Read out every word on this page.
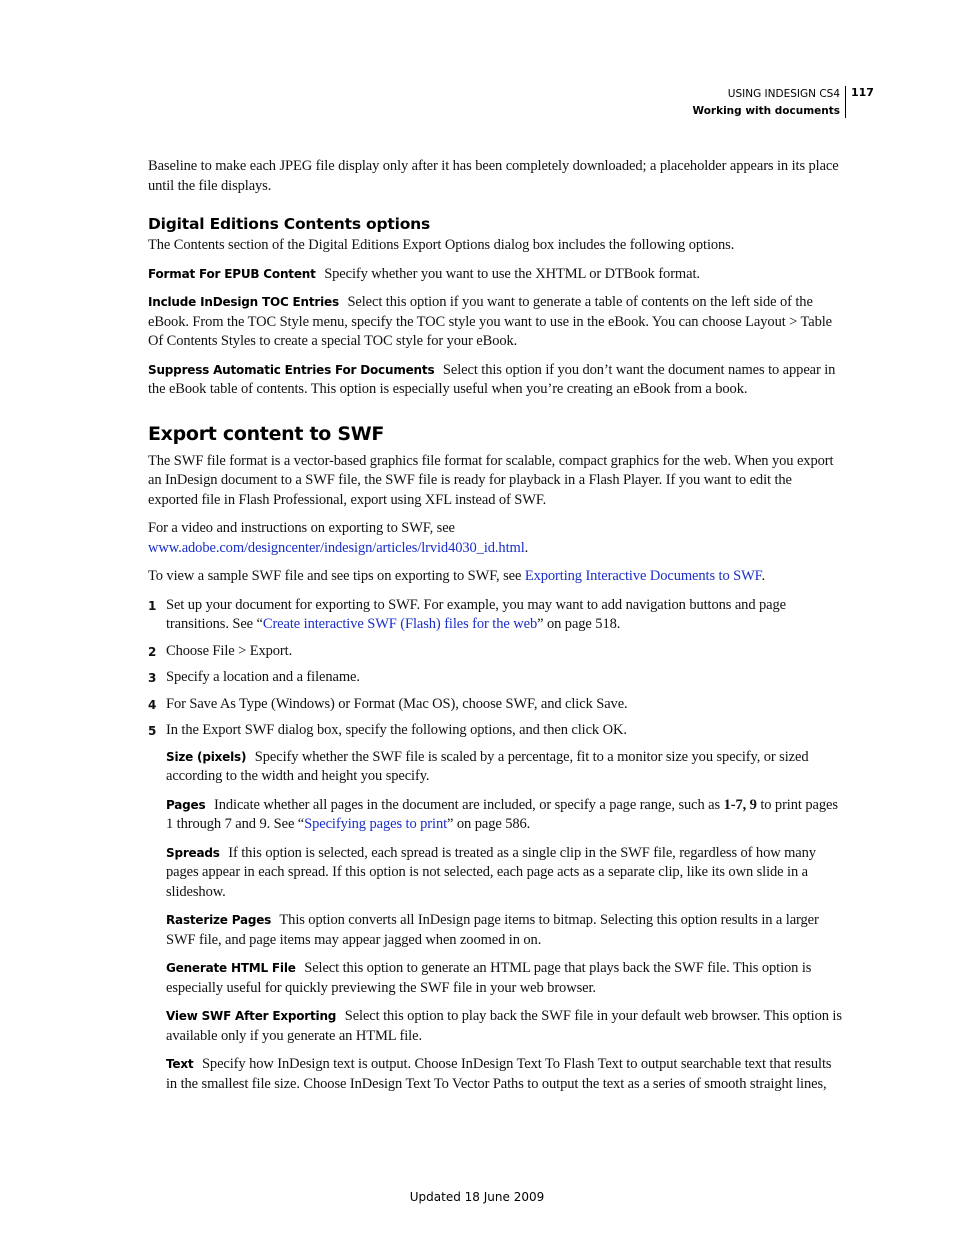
USING INDESIGN CS4
Working with documents
117

Baseline to make each JPEG file display only after it has been completely downloaded; a placeholder appears in its place until the file displays.

Digital Editions Contents options

The Contents section of the Digital Editions Export Options dialog box includes the following options.

Format For EPUB Content Specify whether you want to use the XHTML or DTBook format.

Include InDesign TOC Entries Select this option if you want to generate a table of contents on the left side of the eBook. From the TOC Style menu, specify the TOC style you want to use in the eBook. You can choose Layout > Table Of Contents Styles to create a special TOC style for your eBook.

Suppress Automatic Entries For Documents Select this option if you don’t want the document names to appear in the eBook table of contents. This option is especially useful when you’re creating an eBook from a book.

Export content to SWF

The SWF file format is a vector-based graphics file format for scalable, compact graphics for the web. When you export an InDesign document to a SWF file, the SWF file is ready for playback in a Flash Player. If you want to edit the exported file in Flash Professional, export using XFL instead of SWF.

For a video and instructions on exporting to SWF, see
www.adobe.com/designcenter/indesign/articles/lrvid4030_id.html.

To view a sample SWF file and see tips on exporting to SWF, see Exporting Interactive Documents to SWF.

1 Set up your document for exporting to SWF. For example, you may want to add navigation buttons and page transitions. See “Create interactive SWF (Flash) files for the web” on page 518.
2 Choose File > Export.
3 Specify a location and a filename.
4 For Save As Type (Windows) or Format (Mac OS), choose SWF, and click Save.
5 In the Export SWF dialog box, specify the following options, and then click OK.

Size (pixels) Specify whether the SWF file is scaled by a percentage, fit to a monitor size you specify, or sized according to the width and height you specify.

Pages Indicate whether all pages in the document are included, or specify a page range, such as 1-7, 9 to print pages 1 through 7 and 9. See “Specifying pages to print” on page 586.

Spreads If this option is selected, each spread is treated as a single clip in the SWF file, regardless of how many pages appear in each spread. If this option is not selected, each page acts as a separate clip, like its own slide in a slideshow.

Rasterize Pages This option converts all InDesign page items to bitmap. Selecting this option results in a larger SWF file, and page items may appear jagged when zoomed in on.

Generate HTML File Select this option to generate an HTML page that plays back the SWF file. This option is especially useful for quickly previewing the SWF file in your web browser.

View SWF After Exporting Select this option to play back the SWF file in your default web browser. This option is available only if you generate an HTML file.

Text Specify how InDesign text is output. Choose InDesign Text To Flash Text to output searchable text that results in the smallest file size. Choose InDesign Text To Vector Paths to output the text as a series of smooth straight lines,

Updated 18 June 2009
